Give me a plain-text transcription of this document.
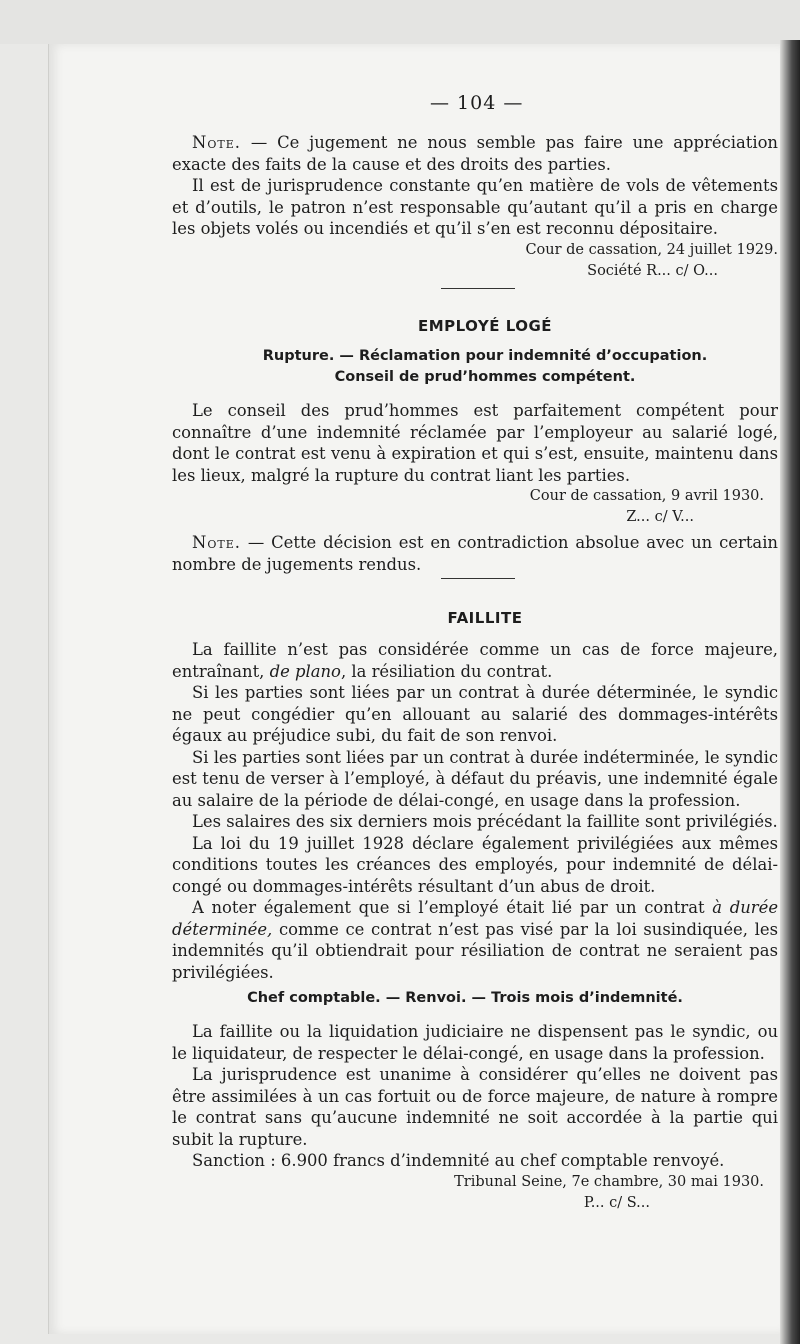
— 104 —

Note. — Ce jugement ne nous semble pas faire une appréciation exacte des faits de la cause et des droits des parties.

Il est de jurisprudence constante qu’en matière de vols de vêtements et d’outils, le patron n’est responsable qu’autant qu’il a pris en charge les objets volés ou incendiés et qu’il s’en est reconnu dépositaire.

Cour de cassation, 24 juillet 1929.

Société R... c/ O...

EMPLOYÉ LOGÉ
Rupture. — Réclamation pour indemnité d’occupation.
Conseil de prud’hommes compétent.

Le conseil des prud’hommes est parfaitement compétent pour connaître d’une indemnité réclamée par l’employeur au salarié logé, dont le contrat est venu à expiration et qui s’est, ensuite, maintenu dans les lieux, malgré la rupture du contrat liant les parties.

Cour de cassation, 9 avril 1930.

Z... c/ V...

Note. — Cette décision est en contradiction absolue avec un certain nombre de jugements rendus.

FAILLITE

La faillite n’est pas considérée comme un cas de force majeure, entraînant, de plano, la résiliation du contrat.

Si les parties sont liées par un contrat à durée déterminée, le syndic ne peut congédier qu’en allouant au salarié des dommages-intérêts égaux au préjudice subi, du fait de son renvoi.

Si les parties sont liées par un contrat à durée indéterminée, le syndic est tenu de verser à l’employé, à défaut du préavis, une indemnité égale au salaire de la période de délai-congé, en usage dans la profession.

Les salaires des six derniers mois précédant la faillite sont privilégiés.

La loi du 19 juillet 1928 déclare également privilégiées aux mêmes conditions toutes les créances des employés, pour indemnité de délai-congé ou dommages-intérêts résultant d’un abus de droit.

A noter également que si l’employé était lié par un contrat à durée déterminée, comme ce contrat n’est pas visé par la loi susindiquée, les indemnités qu’il obtiendrait pour résiliation de contrat ne seraient pas privilégiées.

Chef comptable. — Renvoi. — Trois mois d’indemnité.

La faillite ou la liquidation judiciaire ne dispensent pas le syndic, ou le liquidateur, de respecter le délai-congé, en usage dans la profession.

La jurisprudence est unanime à considérer qu’elles ne doivent pas être assimilées à un cas fortuit ou de force majeure, de nature à rompre le contrat sans qu’aucune indemnité ne soit accordée à la partie qui subit la rupture.

Sanction : 6.900 francs d’indemnité au chef comptable renvoyé.

Tribunal Seine, 7e chambre, 30 mai 1930.

P... c/ S...
